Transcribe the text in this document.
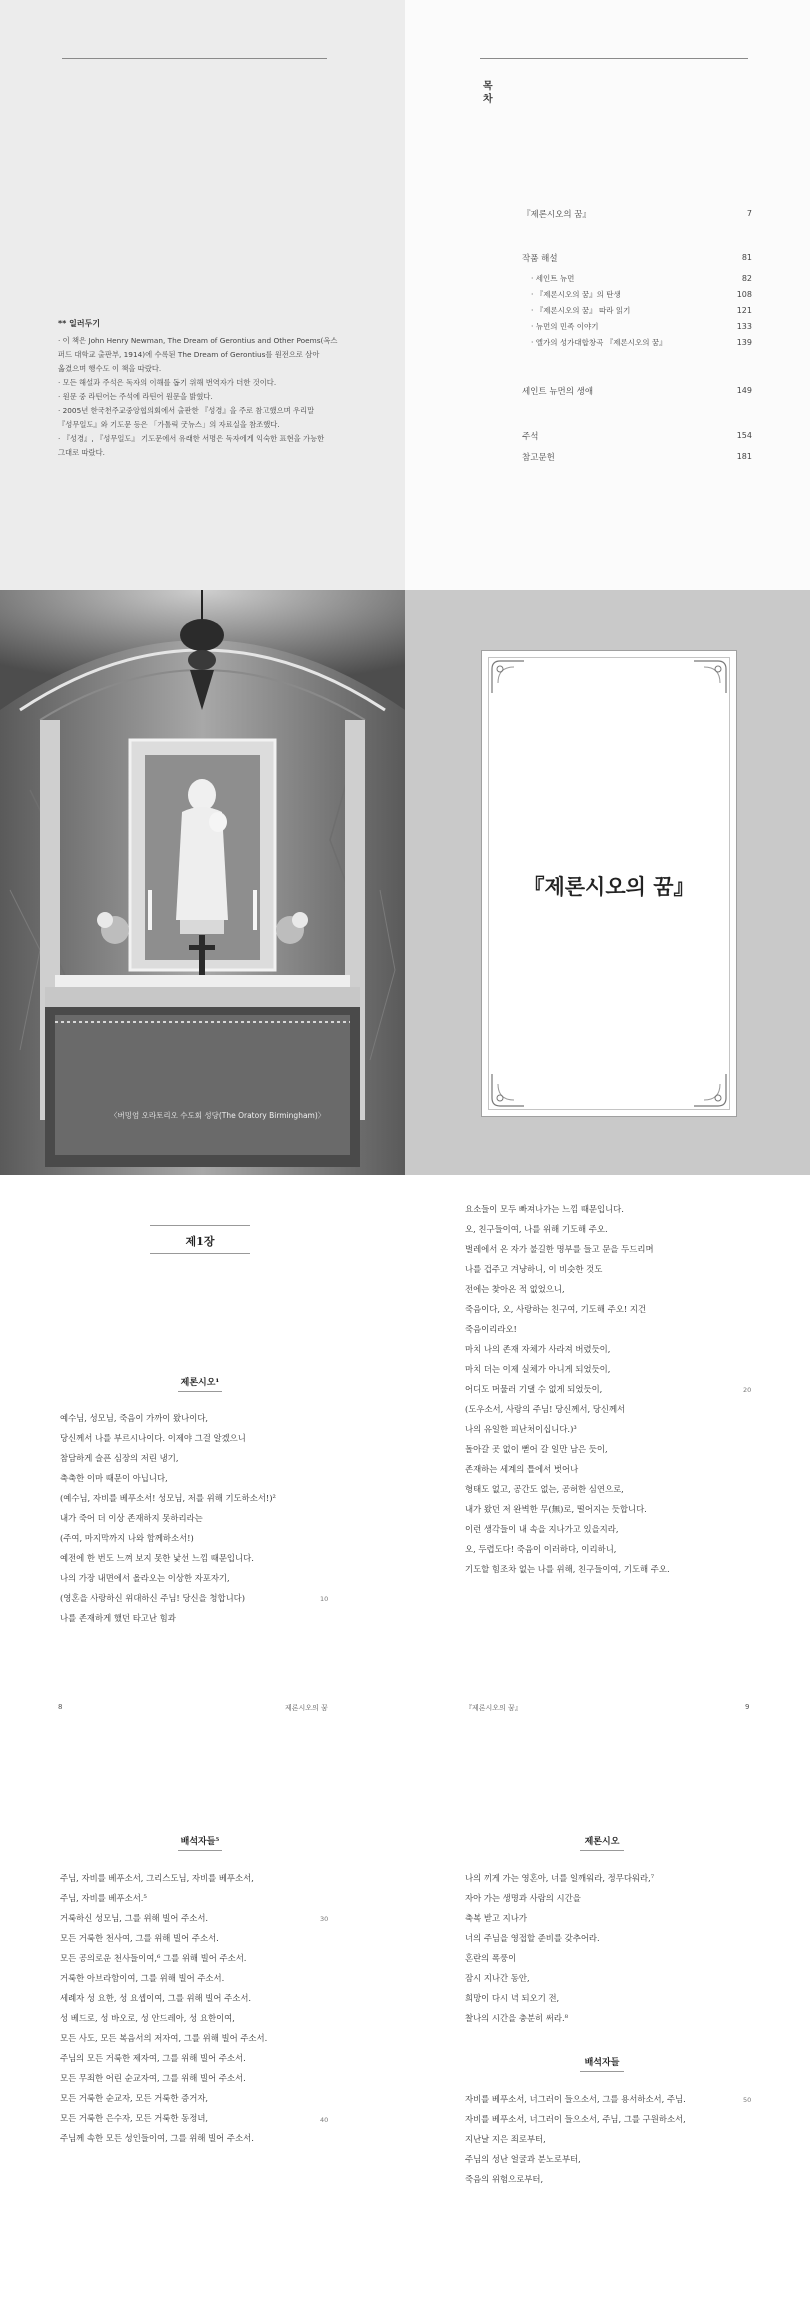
** 일러두기
· 이 책은 John Henry Newman, The Dream of Gerontius and Other Poems(옥스
퍼드 대학교 출판부, 1914)에 수록된 The Dream of Gerontius를 원전으로 삼아
옮겼으며 행수도 이 책을 따랐다.
· 모든 해설과 주석은 독자의 이해를 돕기 위해 번역자가 더한 것이다.
· 원문 중 라틴어는 주석에 라틴어 원문을 밝혔다.
· 2005년 한국천주교중앙협의회에서 출판한 『성경』을 주로 참고했으며 우리말
『성무일도』와 기도문 등은 「가톨릭 굿뉴스」의 자료실을 참조했다.
· 『성경』, 『성무일도』 기도문에서 유래한 서명은 독자에게 익숙한 표현을 가능한
그대로 따랐다.
목차
『제론시오의 꿈』	7
작품 해설	81
· 세인트 뉴먼	82
· 『제론시오의 꿈』의 탄생	108
· 『제론시오의 꿈』 따라 읽기	121
· 뉴먼의 민족 이야기	133
· 엘가의 성가대합창곡 『제론시오의 꿈』	139
세인트 뉴먼의 생애	149
주석	154
참고문헌	181
〈버밍엄 오라토리오 수도회 성당(The Oratory Birmingham)〉
『제론시오의 꿈』
제1장
제론시오¹
예수님, 성모님, 죽음이 가까이 왔나이다,
당신께서 나를 부르시나이다. 이제야 그걸 알겠으니
참담하게 슬픈 심장의 저린 냉기,
축축한 이마 때문이 아닙니다,
(예수님, 자비를 베푸소서! 성모님, 저를 위해 기도하소서!)²
내가 죽어 더 이상 존재하지 못하리라는
(주여, 마지막까지 나와 함께하소서!)
예전에 한 번도 느껴 보지 못한 낯선 느낌 때문입니다.
나의 가장 내면에서 올라오는 이상한 자포자기,
(영혼을 사랑하신 위대하신 주님! 당신을 청합니다)
나를 존재하게 했던 타고난 힘과
10
8	제론시오의 꿈
요소들이 모두 빠져나가는 느낌 때문입니다.
오, 친구들이여, 나를 위해 기도해 주오.
벌레에서 온 자가 불길한 명부를 들고 문을 두드리며
나를 겁주고 겨냥하니, 이 비슷한 것도
전에는 찾아온 적 없었으니,
죽음이다, 오, 사랑하는 친구여, 기도해 주오! 지건
죽음이리라오!
마치 나의 존재 자체가 사라져 버렸듯이,
마치 더는 이제 실체가 아니게 되었듯이,
어디도 머물러 기댈 수 없게 되었듯이,
(도우소서, 사랑의 주님! 당신께서, 당신께서
나의 유일한 피난처이십니다.)³
돌아갈 곳 없이 뻗어 갈 일만 남은 듯이,
존재하는 세계의 틀에서 벗어나
형태도 없고, 공간도 없는, 공허한 심연으로,
내가 왔던 저 완벽한 무(無)로, 떨어지는 듯합니다.
이런 생각들이 내 속을 지나가고 있을지라,
오, 두렵도다! 죽음이 이러하다, 이리하니,
기도할 힘조차 없는 나를 위해, 친구들이여, 기도해 주오.
20
『제론시오의 꿈』	9
배석자들⁵
주님, 자비를 베푸소서, 그리스도님, 자비를 베푸소서,
주님, 자비를 베푸소서.⁵
거룩하신 성모님, 그를 위해 빌어 주소서.
모든 거룩한 천사여, 그를 위해 빌어 주소서.
모든 공의로운 천사들이여,⁶ 그를 위해 빌어 주소서.
거룩한 아브라함이여, 그를 위해 빌어 주소서.
세례자 성 요한, 성 요셉이여, 그를 위해 빌어 주소서.
성 베드로, 성 바오로, 성 안드레아, 성 요한이여,
모든 사도, 모든 복음서의 저자여, 그를 위해 빌어 주소서.
주님의 모든 거룩한 제자여, 그를 위해 빌어 주소서.
모든 무죄한 어린 순교자여, 그를 위해 빌어 주소서.
모든 거룩한 순교자, 모든 거룩한 증거자,
모든 거룩한 은수자, 모든 거룩한 동정녀,
주님께 속한 모든 성인들이여, 그를 위해 빌어 주소서.
30
40
제론시오
나의 끼게 가는 영혼아, 너를 일깨워라, 정무다워라,⁷
자아 가는 생명과 사람의 시간을
축복 받고 지나가
너의 주님을 영접할 준비를 갖추어라.
혼란의 폭풍이
잠시 지나간 동안,
희망이 다시 녁 되오기 전,
찰나의 시간을 충분히 써라.⁸
배석자들
자비를 베푸소서, 너그러이 들으소서, 그를 용서하소서, 주님.
자비를 베푸소서, 너그러이 들으소서, 주님, 그를 구원하소서,
지난날 지은 죄로부터,
주님의 성난 얼굴과 분노로부터,
죽음의 위험으로부터,
50
